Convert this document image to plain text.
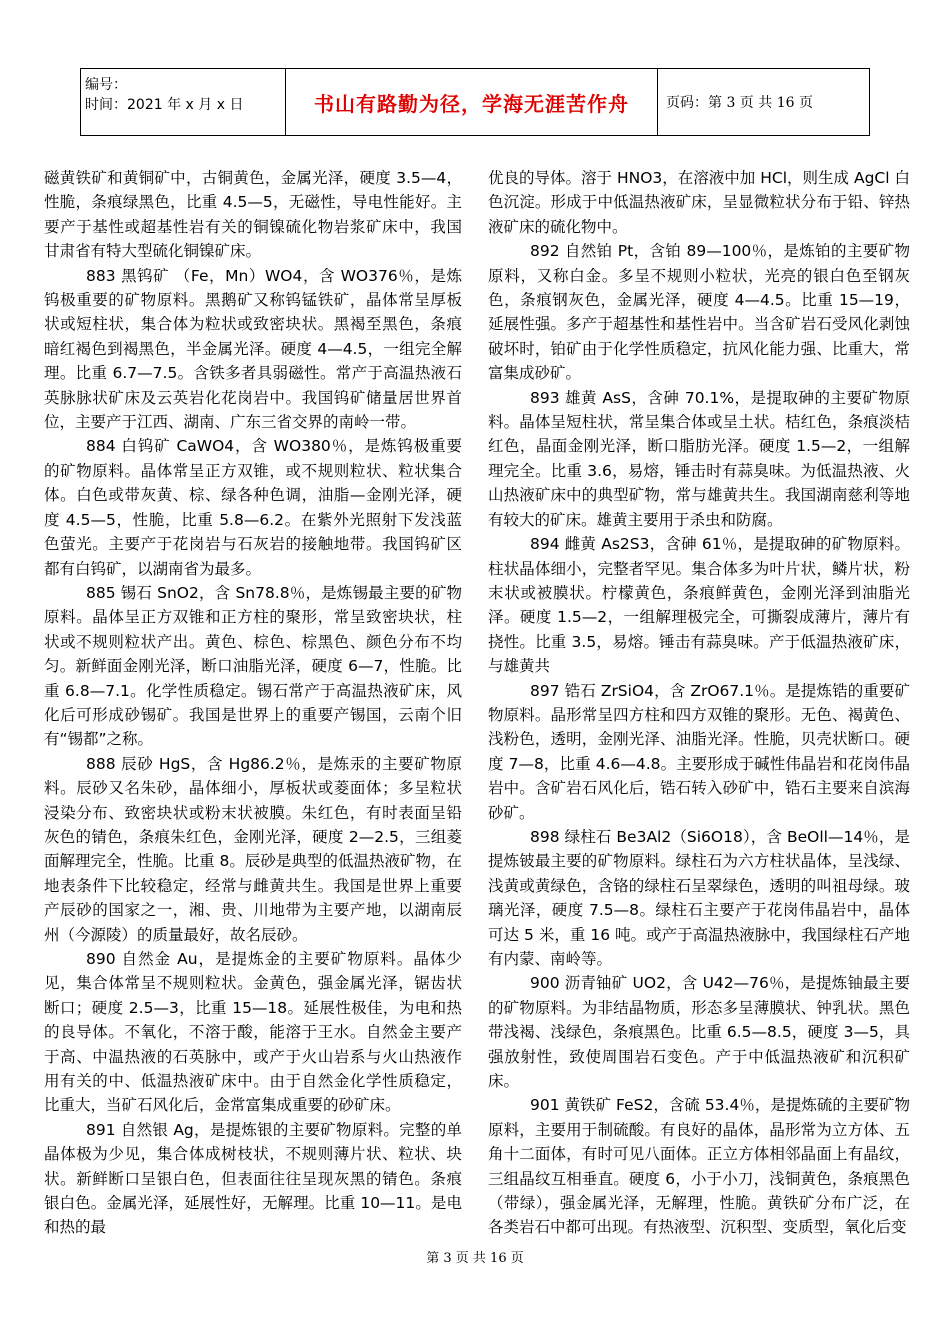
编号：
时间：2021 年 x 月 x 日	书山有路勤为径，学海无涯苦作舟	页码：第 3 页 共 16 页

磁黄铁矿和黄铜矿中，古铜黄色，金属光泽，硬度 3.5—4，性脆，条痕绿黑色，比重 4.5—5，无磁性，导电性能好。主要产于基性或超基性岩有关的铜镍硫化物岩浆矿床中，我国甘肃省有特大型硫化铜镍矿床。

883 黑钨矿 （Fe，Mn）WO4，含 WO376％，是炼钨极重要的矿物原料。黑鹅矿又称钨锰铁矿，晶体常呈厚板状或短柱状，集合体为粒状或致密块状。黑褐至黑色，条痕暗红褐色到褐黑色，半金属光泽。硬度 4—4.5，一组完全解理。比重 6.7—7.5。含铁多者具弱磁性。常产于高温热液石英脉脉状矿床及云英岩化花岗岩中。我国钨矿储量居世界首位，主要产于江西、湖南、广东三省交界的南岭一带。

884 白钨矿 CaWO4，含 WO380％，是炼钨极重要的矿物原料。晶体常呈正方双锥，或不规则粒状、粒状集合体。白色或带灰黄、棕、绿各种色调，油脂—金刚光泽，硬度 4.5—5，性脆，比重 5.8—6.2。在紫外光照射下发浅蓝色萤光。主要产于花岗岩与石灰岩的接触地带。我国钨矿区都有白钨矿，以湖南省为最多。

885 锡石 SnO2，含 Sn78.8％，是炼锡最主要的矿物原料。晶体呈正方双锥和正方柱的聚形，常呈致密块状，柱状或不规则粒状产出。黄色、棕色、棕黑色、颜色分布不均匀。新鲜面金刚光泽，断口油脂光泽，硬度 6—7，性脆。比重 6.8—7.1。化学性质稳定。锡石常产于高温热液矿床，风化后可形成砂锡矿。我国是世界上的重要产锡国，云南个旧有“锡都”之称。

888 辰砂 HgS，含 Hg86.2％，是炼汞的主要矿物原料。辰砂又名朱砂，晶体细小，厚板状或菱面体；多呈粒状浸染分布、致密块状或粉末状被膜。朱红色，有时表面呈铅灰色的锖色，条痕朱红色，金刚光泽，硬度 2—2.5，三组菱面解理完全，性脆。比重 8。辰砂是典型的低温热液矿物，在地表条件下比较稳定，经常与雌黄共生。我国是世界上重要产辰砂的国家之一，湘、贵、川地带为主要产地，以湖南辰州（今源陵）的质量最好，故名辰砂。

890 自然金 Au，是提炼金的主要矿物原料。晶体少见，集合体常呈不规则粒状。金黄色，强金属光泽，锯齿状断口；硬度 2.5—3，比重 15—18。延展性极佳，为电和热的良导体。不氧化，不溶于酸，能溶于王水。自然金主要产于高、中温热液的石英脉中，或产于火山岩系与火山热液作用有关的中、低温热液矿床中。由于自然金化学性质稳定，比重大，当矿石风化后，金常富集成重要的砂矿床。

891 自然银 Ag，是提炼银的主要矿物原料。完整的单晶体极为少见，集合体成树枝状，不规则薄片状、粒状、块状。新鲜断口呈银白色，但表面往往呈现灰黑的锖色。条痕银白色。金属光泽，延展性好，无解理。比重 10—11。是电和热的最

优良的导体。溶于 HNO3，在溶液中加 HCl，则生成 AgCl 白色沉淀。形成于中低温热液矿床，呈显微粒状分布于铅、锌热液矿床的硫化物中。

892 自然铂 Pt，含铂 89—100％，是炼铂的主要矿物原料，又称白金。多呈不规则小粒状，光亮的银白色至钢灰色，条痕钢灰色，金属光泽，硬度 4—4.5。比重 15—19，延展性强。多产于超基性和基性岩中。当含矿岩石受风化剥蚀破坏时，铂矿由于化学性质稳定，抗风化能力强、比重大，常富集成砂矿。

893 雄黄 AsS，含砷 70.1%，是提取砷的主要矿物原料。晶体呈短柱状，常呈集合体或呈土状。桔红色，条痕淡桔红色，晶面金刚光泽，断口脂肪光泽。硬度 1.5—2，一组解理完全。比重 3.6，易熔，锤击时有蒜臭味。为低温热液、火山热液矿床中的典型矿物，常与雄黄共生。我国湖南慈利等地有较大的矿床。雄黄主要用于杀虫和防腐。

894 雌黄 As2S3，含砷 61％，是提取砷的矿物原料。柱状晶体细小，完整者罕见。集合体多为叶片状，鳞片状，粉末状或被膜状。柠檬黄色，条痕鲜黄色，金刚光泽到油脂光泽。硬度 1.5—2，一组解理极完全，可撕裂成薄片，薄片有挠性。比重 3.5，易熔。锤击有蒜臭味。产于低温热液矿床，与雄黄共

897 锆石 ZrSiO4，含 ZrO67.1％。是提炼锆的重要矿物原料。晶形常呈四方柱和四方双锥的聚形。无色、褐黄色、浅粉色，透明，金刚光泽、油脂光泽。性脆，贝壳状断口。硬度 7—8，比重 4.6—4.8。主要形成于碱性伟晶岩和花岗伟晶岩中。含矿岩石风化后，锆石转入砂矿中，锆石主要来自滨海砂矿。

898 绿柱石 Be3Al2（Si6O18），含 BeOll—14％，是提炼铍最主要的矿物原料。绿柱石为六方柱状晶体，呈浅绿、浅黄或黄绿色，含铬的绿柱石呈翠绿色，透明的叫祖母绿。玻璃光泽，硬度 7.5—8。绿柱石主要产于花岗伟晶岩中，晶体可达 5 米，重 16 吨。或产于高温热液脉中，我国绿柱石产地有内蒙、南岭等。

900 沥青铀矿 UO2，含 U42—76％，是提炼铀最主要的矿物原料。为非结晶物质，形态多呈薄膜状、钟乳状。黑色带浅褐、浅绿色，条痕黑色。比重 6.5—8.5，硬度 3—5，具强放射性，致使周围岩石变色。产于中低温热液矿和沉积矿床。

901 黄铁矿 FeS2，含硫 53.4％，是提炼硫的主要矿物原料，主要用于制硫酸。有良好的晶体，晶形常为立方体、五角十二面体，有时可见八面体。正立方体相邻晶面上有晶纹，三组晶纹互相垂直。硬度 6，小于小刀，浅铜黄色，条痕黑色（带绿），强金属光泽，无解理，性脆。黄铁矿分布广泛，在各类岩石中都可出现。有热液型、沉积型、变质型，氧化后变

第 3 页 共 16 页
